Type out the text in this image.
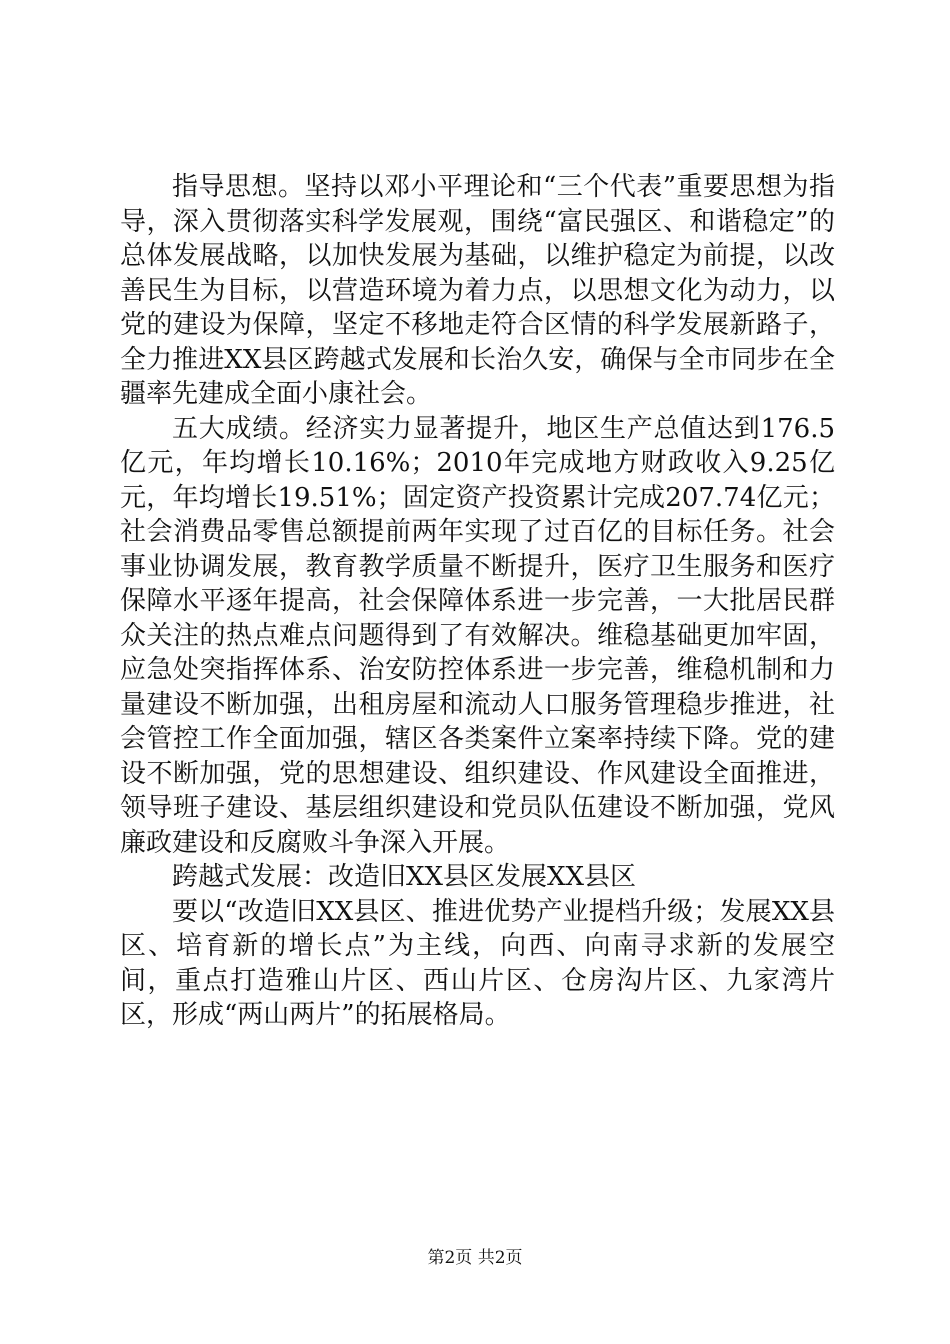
指导思想。坚持以邓小平理论和“三个代表”重要思想为指导，深入贯彻落实科学发展观，围绕“富民强区、和谐稳定”的总体发展战略，以加快发展为基础，以维护稳定为前提，以改善民生为目标，以营造环境为着力点，以思想文化为动力，以党的建设为保障，坚定不移地走符合区情的科学发展新路子，全力推进XX县区跨越式发展和长治久安，确保与全市同步在全疆率先建成全面小康社会。

五大成绩。经济实力显著提升，地区生产总值达到176.5亿元，年均增长10.16%；2010年完成地方财政收入9.25亿元，年均增长19.51%；固定资产投资累计完成207.74亿元；社会消费品零售总额提前两年实现了过百亿的目标任务。社会事业协调发展，教育教学质量不断提升，医疗卫生服务和医疗保障水平逐年提高，社会保障体系进一步完善，一大批居民群众关注的热点难点问题得到了有效解决。维稳基础更加牢固，应急处突指挥体系、治安防控体系进一步完善，维稳机制和力量建设不断加强，出租房屋和流动人口服务管理稳步推进，社会管控工作全面加强，辖区各类案件立案率持续下降。党的建设不断加强，党的思想建设、组织建设、作风建设全面推进，领导班子建设、基层组织建设和党员队伍建设不断加强，党风廉政建设和反腐败斗争深入开展。

跨越式发展：改造旧XX县区发展XX县区

要以“改造旧XX县区、推进优势产业提档升级；发展XX县区、培育新的增长点”为主线，向西、向南寻求新的发展空间，重点打造雅山片区、西山片区、仓房沟片区、九家湾片区，形成“两山两片”的拓展格局。

第2页 共2页
